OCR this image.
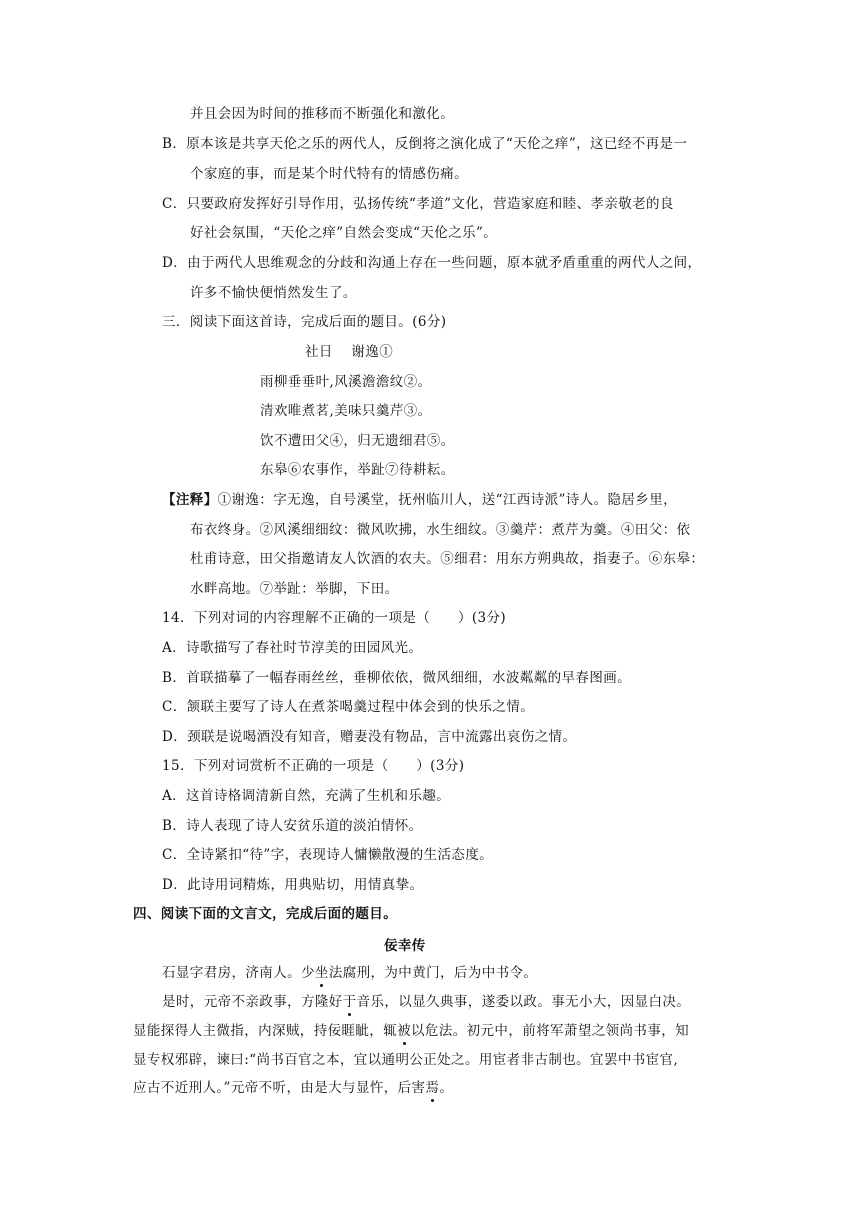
并且会因为时间的推移而不断强化和激化。
B．原本该是共享天伦之乐的两代人，反倒将之演化成了“天伦之痒”，这已经不再是一
个家庭的事，而是某个时代特有的情感伤痛。
C．只要政府发挥好引导作用，弘扬传统“孝道”文化，营造家庭和睦、孝亲敬老的良
好社会氛围，“天伦之痒”自然会变成“天伦之乐”。
D．由于两代人思维观念的分歧和沟通上存在一些问题，原本就矛盾重重的两代人之间，
许多不愉快便悄然发生了。
三．阅读下面这首诗，完成后面的题目。(6分)
社日　 谢逸①
雨柳垂垂叶,风溪澹澹纹②。
清欢唯煮茗,美味只羹芹③。
饮不遭田父④，归无遗细君⑤。
东皋⑥农事作，举趾⑦待耕耘。
【注释】①谢逸：字无逸，自号溪堂，抚州临川人，送“江西诗派”诗人。隐居乡里，
布衣终身。②风溪细细纹：微风吹拂，水生细纹。③羹芹：煮芹为羹。④田父：依
杜甫诗意，田父指邀请友人饮酒的农夫。⑤细君：用东方朔典故，指妻子。⑥东皋：
水畔高地。⑦举趾：举脚，下田。
14．下列对词的内容理解不正确的一项是（　　）(3分)
A．诗歌描写了春社时节淳美的田园风光。
B．首联描摹了一幅春雨丝丝，垂柳依依，微风细细，水波粼粼的早春图画。
C．颔联主要写了诗人在煮茶喝羹过程中体会到的快乐之情。
D．颈联是说喝酒没有知音，赠妻没有物品，言中流露出哀伤之情。
15．下列对词赏析不正确的一项是（　　）(3分)
A．这首诗格调清新自然，充满了生机和乐趣。
B．诗人表现了诗人安贫乐道的淡泊情怀。
C．全诗紧扣“待”字，表现诗人慵懒散漫的生活态度。
D．此诗用词精炼，用典贴切，用情真挚。
四、阅读下面的文言文，完成后面的题目。
佞幸传
石显字君房，济南人。少坐法腐刑，为中黄门，后为中书令。
是时，元帝不亲政事，方隆好于音乐，以显久典事，遂委以政。事无小大，因显白决。
显能探得人主微指，内深贼，持佞睚眦，辄被以危法。初元中，前将军萧望之领尚书事，知
显专权邪辟，谏曰:“尚书百官之本，宜以通明公正处之。用宦者非古制也。宜罢中书宦官,
应古不近刑人。”元帝不听，由是大与显忤，后害焉。
